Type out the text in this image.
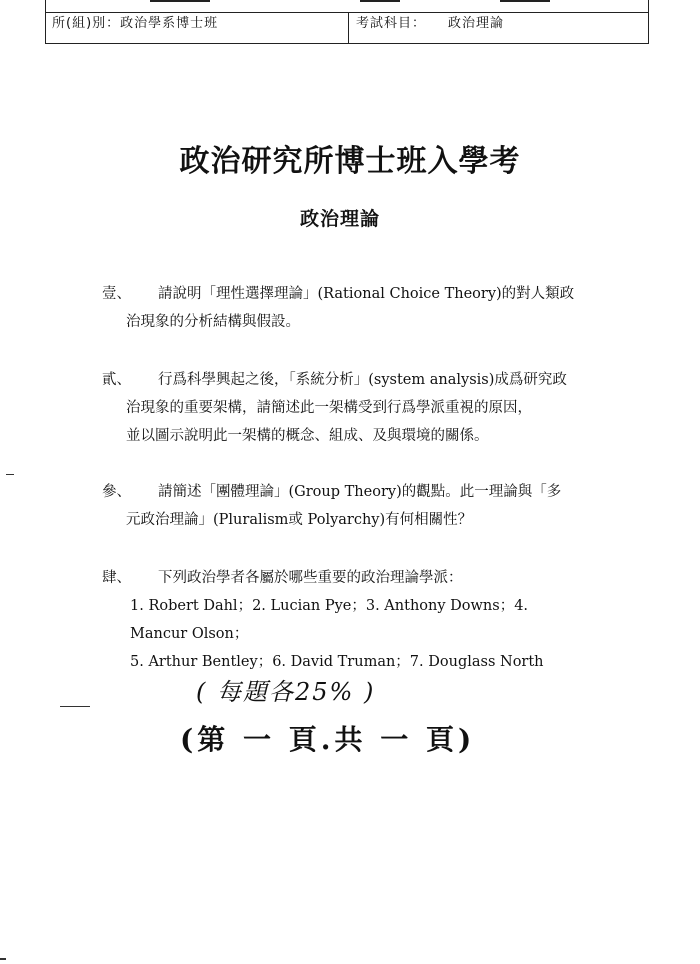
所(組)別：政治學系博士班	考試科目： 政治理論
政治研究所博士班入學考
政治理論
壹、 請說明「理性選擇理論」(Rational Choice Theory)的對人類政
治現象的分析結構與假設。
貳、 行爲科學興起之後，「系統分析」(system analysis)成爲研究政
治現象的重要架構，請簡述此一架構受到行爲學派重視的原因，
並以圖示說明此一架構的概念、組成、及與環境的關係。
參、 請簡述「團體理論」(Group Theory)的觀點。此一理論與「多
元政治理論」(Pluralism或 Polyarchy)有何相關性？
肆、 下列政治學者各屬於哪些重要的政治理論學派：
1. Robert Dahl；2. Lucian Pye；3. Anthony Downs；4. Mancur Olson；
5. Arthur Bentley；6. David Truman；7. Douglass North
( 每題各25% )
(第 一 頁.共 一 頁)
